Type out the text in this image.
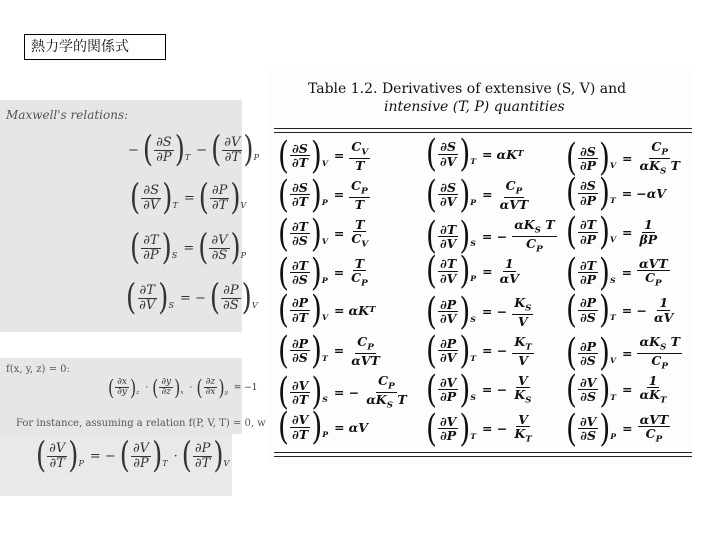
熱力学的関係式
Maxwell's relations:
− ( $\frac{\partial S}{\partial P}$ ) T
− ( $\frac{\partial V}{\partial T}$ ) P
( $\frac{\partial S}{\partial V}$ ) T
= ( $\frac{\partial P}{\partial T}$ ) V
( $\frac{\partial T}{\partial P}$ ) S
= ( $\frac{\partial V}{\partial S}$ ) P
( $\frac{\partial T}{\partial V}$ ) S
= − ( $\frac{\partial P}{\partial S}$ ) V
f(x, y, z) = 0:
( $\frac{\partial x}{\partial y}$ ) z · ( $\frac{\partial y}{\partial z}$ ) x · ( $\frac{\partial z}{\partial x}$ ) y = −1
For instance, assuming a relation f(P, V, T) = 0, w
( $\frac{\partial V}{\partial T}$ ) P
= − ( $\frac{\partial V}{\partial P}$ ) T
· ( $\frac{\partial P}{\partial T}$ ) V
Table 1.2. Derivatives of extensive (S, V) and
intensive (T, P) quantities
( $\frac{\partial S}{\partial T}$ ) $V = \frac{C_V}{T}$ ( $\frac{\partial S}{\partial V}$ ) T = αK T ( $\frac{\partial S}{\partial P}$ ) $V = \frac{C_P}{\alpha K_S T}$
( $\frac{\partial S}{\partial T}$ ) $P = \frac{C_P}{T}$ ( $\frac{\partial S}{\partial V}$ ) $P = \frac{C_P}{\text{αVT}}$ ( $\frac{\partial S}{\partial P}$ ) T = −αV
( $\frac{\partial T}{\partial S}$ ) $V = \frac{T}{C_V}$ ( $\frac{\partial T}{\partial V}$ ) S = − $\frac{\alpha K_S T}{C_P}$ ( $\frac{\partial T}{\partial P}$ ) $V = \frac{1}{\beta P}$
( $\frac{\partial T}{\partial S}$ ) $P = \frac{T}{C_P}$ ( $\frac{\partial T}{\partial V}$ ) $P = \frac{1}{\alpha V}$ ( $\frac{\partial T}{\partial P}$ ) $S = \frac{\text{αVT}}{C_P}$
( $\frac{\partial P}{\partial T}$ ) V = αK T ( $\frac{\partial P}{\partial V}$ ) S = − $\frac{K_S}{V}$ ( $\frac{\partial P}{\partial S}$ ) T = − $\frac{1}{\alpha V}$
( $\frac{\partial P}{\partial S}$ ) $T = \frac{C_P}{\text{αVT}}$ ( $\frac{\partial P}{\partial V}$ ) T = − $\frac{K_T}{V}$ ( $\frac{\partial P}{\partial S}$ ) $V = \frac{\alpha K_S T}{C_P}$
( $\frac{\partial V}{\partial T}$ ) S = − $\frac{C_P}{\alpha K_S T}$ ( $\frac{\partial V}{\partial P}$ ) S = − $\frac{V}{K_S}$ ( $\frac{\partial V}{\partial S}$ ) $T = \frac{1}{\alpha K_T}$
( $\frac{\partial V}{\partial T}$ ) P = αV ( $\frac{\partial V}{\partial P}$ ) T = − $\frac{V}{K_T}$ ( $\frac{\partial V}{\partial S}$ ) $P = \frac{\text{αVT}}{C_P}$
